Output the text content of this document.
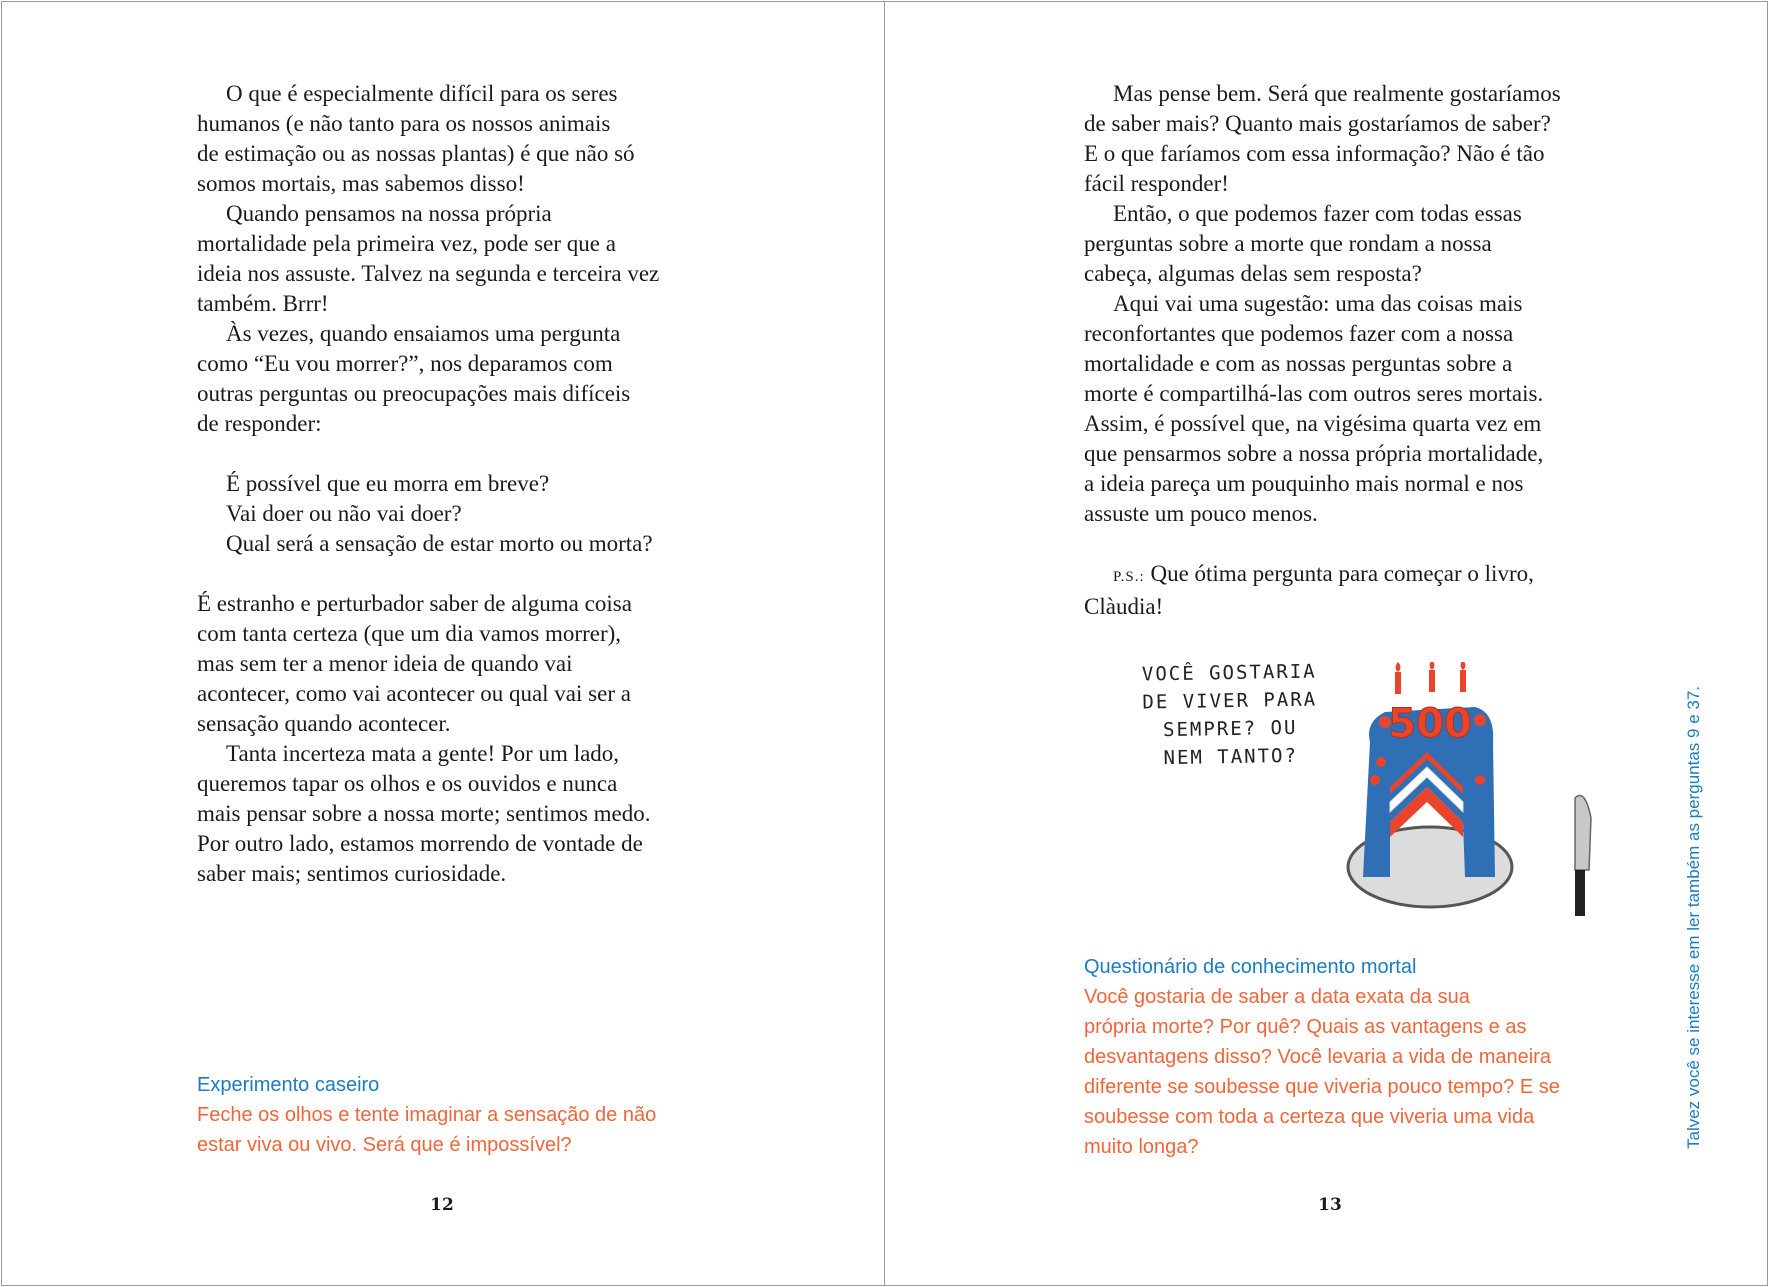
O que é especialmente difícil para os seres
humanos (e não tanto para os nossos animais
de estimação ou as nossas plantas) é que não só
somos mortais, mas sabemos disso!

Quando pensamos na nossa própria
mortalidade pela primeira vez, pode ser que a
ideia nos assuste. Talvez na segunda e terceira vez
também. Brrr!

Às vezes, quando ensaiamos uma pergunta
como “Eu vou morrer?”, nos deparamos com
outras perguntas ou preocupações mais difíceis
de responder:

É possível que eu morra em breve?

Vai doer ou não vai doer?

Qual será a sensação de estar morto ou morta?

É estranho e perturbador saber de alguma coisa
com tanta certeza (que um dia vamos morrer),
mas sem ter a menor ideia de quando vai
acontecer, como vai acontecer ou qual vai ser a
sensação quando acontecer.

Tanta incerteza mata a gente! Por um lado,
queremos tapar os olhos e os ouvidos e nunca
mais pensar sobre a nossa morte; sentimos medo.
Por outro lado, estamos morrendo de vontade de
saber mais; sentimos curiosidade.

Experimento caseiro
Feche os olhos e tente imaginar a sensação de não
estar viva ou vivo. Será que é impossível?
12

Mas pense bem. Será que realmente gostaríamos
de saber mais? Quanto mais gostaríamos de saber?
E o que faríamos com essa informação? Não é tão
fácil responder!

Então, o que podemos fazer com todas essas
perguntas sobre a morte que rondam a nossa
cabeça, algumas delas sem resposta?

Aqui vai uma sugestão: uma das coisas mais
reconfortantes que podemos fazer com a nossa
mortalidade e com as nossas perguntas sobre a
morte é compartilhá-las com outros seres mortais.
Assim, é possível que, na vigésima quarta vez em
que pensarmos sobre a nossa própria mortalidade,
a ideia pareça um pouquinho mais normal e nos
assuste um pouco menos.

P.S.: Que ótima pergunta para começar o livro,
Clàudia!

VOCÊ GOSTARIA
DE VIVER PARA
SEMPRE? OU
NEM TANTO?
500
Questionário de conhecimento mortal
Você gostaria de saber a data exata da sua
própria morte? Por quê? Quais as vantagens e as
desvantagens disso? Você levaria a vida de maneira
diferente se soubesse que viveria pouco tempo? E se
soubesse com toda a certeza que viveria uma vida
muito longa?	Talvez você se interesse em ler também as perguntas 9 e 37.
13
